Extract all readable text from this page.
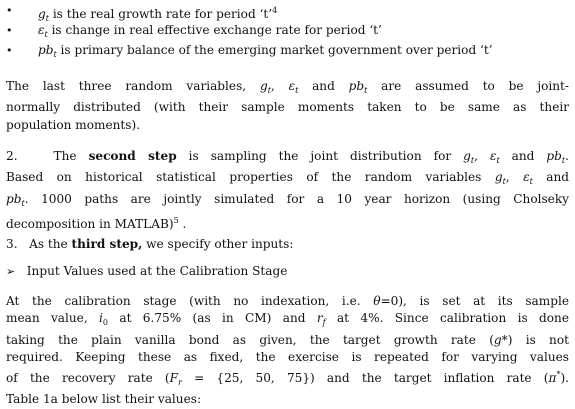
• $g_t$ is the real growth rate for period ‘t’$^4$
• $\varepsilon_t$ is change in real effective exchange rate for period ‘t’
• $pb_t$ is primary balance of the emerging market government over period ‘t’
The last three random variables, $g_t$, $\varepsilon_t$ and $pb_t$ are assumed to be joint-
normally distributed (with their sample moments taken to be same as their
population moments).
2.	The second step is sampling the joint distribution for $g_t$, $\varepsilon_t$ and $pb_t$.
Based on historical statistical properties of the random variables $g_t$, $\varepsilon_t$ and
$pb_t$. 1000 paths are jointly simulated for a 10 year horizon (using Cholseky
decomposition in MATLAB)$^5$ .
3. As the third step, we specify other inputs:
➢ Input Values used at the Calibration Stage
At the calibration stage (with no indexation, i.e. θ=0), is set at its sample
mean value, $i_0$ at 6.75% (as in CM) and $r_f$ at 4%. Since calibration is done
taking the plain vanilla bond as given, the target growth rate (g*) is not
required. Keeping these as fixed, the exercise is repeated for varying values
of the recovery rate ($F_r = \{25$, 50, 75}) and the target inflation rate (π*).
Table 1a below list their values:
